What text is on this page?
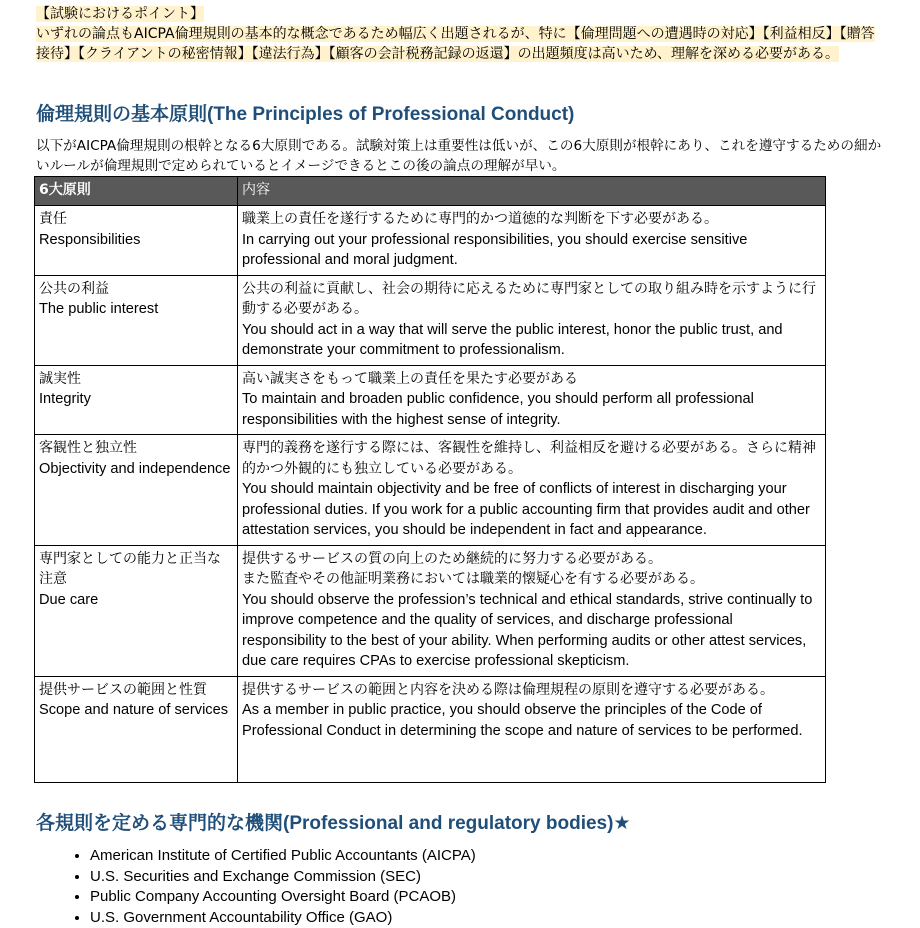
【試験におけるポイント】
いずれの論点もAICPA倫理規則の基本的な概念であるため幅広く出題されるが、特に【倫理問題への遭遇時の対応】【利益相反】【贈答接待】【クライアントの秘密情報】【違法行為】【顧客の会計税務記録の返還】の出題頻度は高いため、理解を深める必要がある。
倫理規則の基本原則(The Principles of Professional Conduct)
以下がAICPA倫理規則の根幹となる6大原則である。試験対策上は重要性は低いが、この6大原則が根幹にあり、これを遵守するための細かいルールが倫理規則で定められているとイメージできるとこの後の論点の理解が早い。
6大原則	内容

責任
Responsibilities	職業上の責任を遂行するために専門的かつ道徳的な判断を下す必要がある。
In carrying out your professional responsibilities, you should exercise sensitive professional and moral judgment.

公共の利益
The public interest	公共の利益に貢献し、社会の期待に応えるために専門家としての取り組み時を示すように行動する必要がある。
You should act in a way that will serve the public interest, honor the public trust, and demonstrate your commitment to professionalism.

誠実性
Integrity	高い誠実さをもって職業上の責任を果たす必要がある
To maintain and broaden public confidence, you should perform all professional responsibilities with the highest sense of integrity.

客観性と独立性
Objectivity and independence	専門的義務を遂行する際には、客観性を維持し、利益相反を避ける必要がある。さらに精神的かつ外観的にも独立している必要がある。
You should maintain objectivity and be free of conflicts of interest in discharging your professional duties. If you work for a public accounting firm that provides audit and other attestation services, you should be independent in fact and appearance.

専門家としての能力と正当な注意
Due care	提供するサービスの質の向上のため継続的に努力する必要がある。
また監査やその他証明業務においては職業的懐疑心を有する必要がある。
You should observe the profession’s technical and ethical standards, strive continually to improve competence and the quality of services, and discharge professional responsibility to the best of your ability. When performing audits or other attest services, due care requires CPAs to exercise professional skepticism.

提供サービスの範囲と性質
Scope and nature of services	提供するサービスの範囲と内容を決める際は倫理規程の原則を遵守する必要がある。
As a member in public practice, you should observe the principles of the Code of Professional Conduct in determining the scope and nature of services to be performed.
各規則を定める専門的な機関(Professional and regulatory bodies)★
• American Institute of Certified Public Accountants (AICPA)
• U.S. Securities and Exchange Commission (SEC)
• Public Company Accounting Oversight Board (PCAOB)
• U.S. Government Accountability Office (GAO)
